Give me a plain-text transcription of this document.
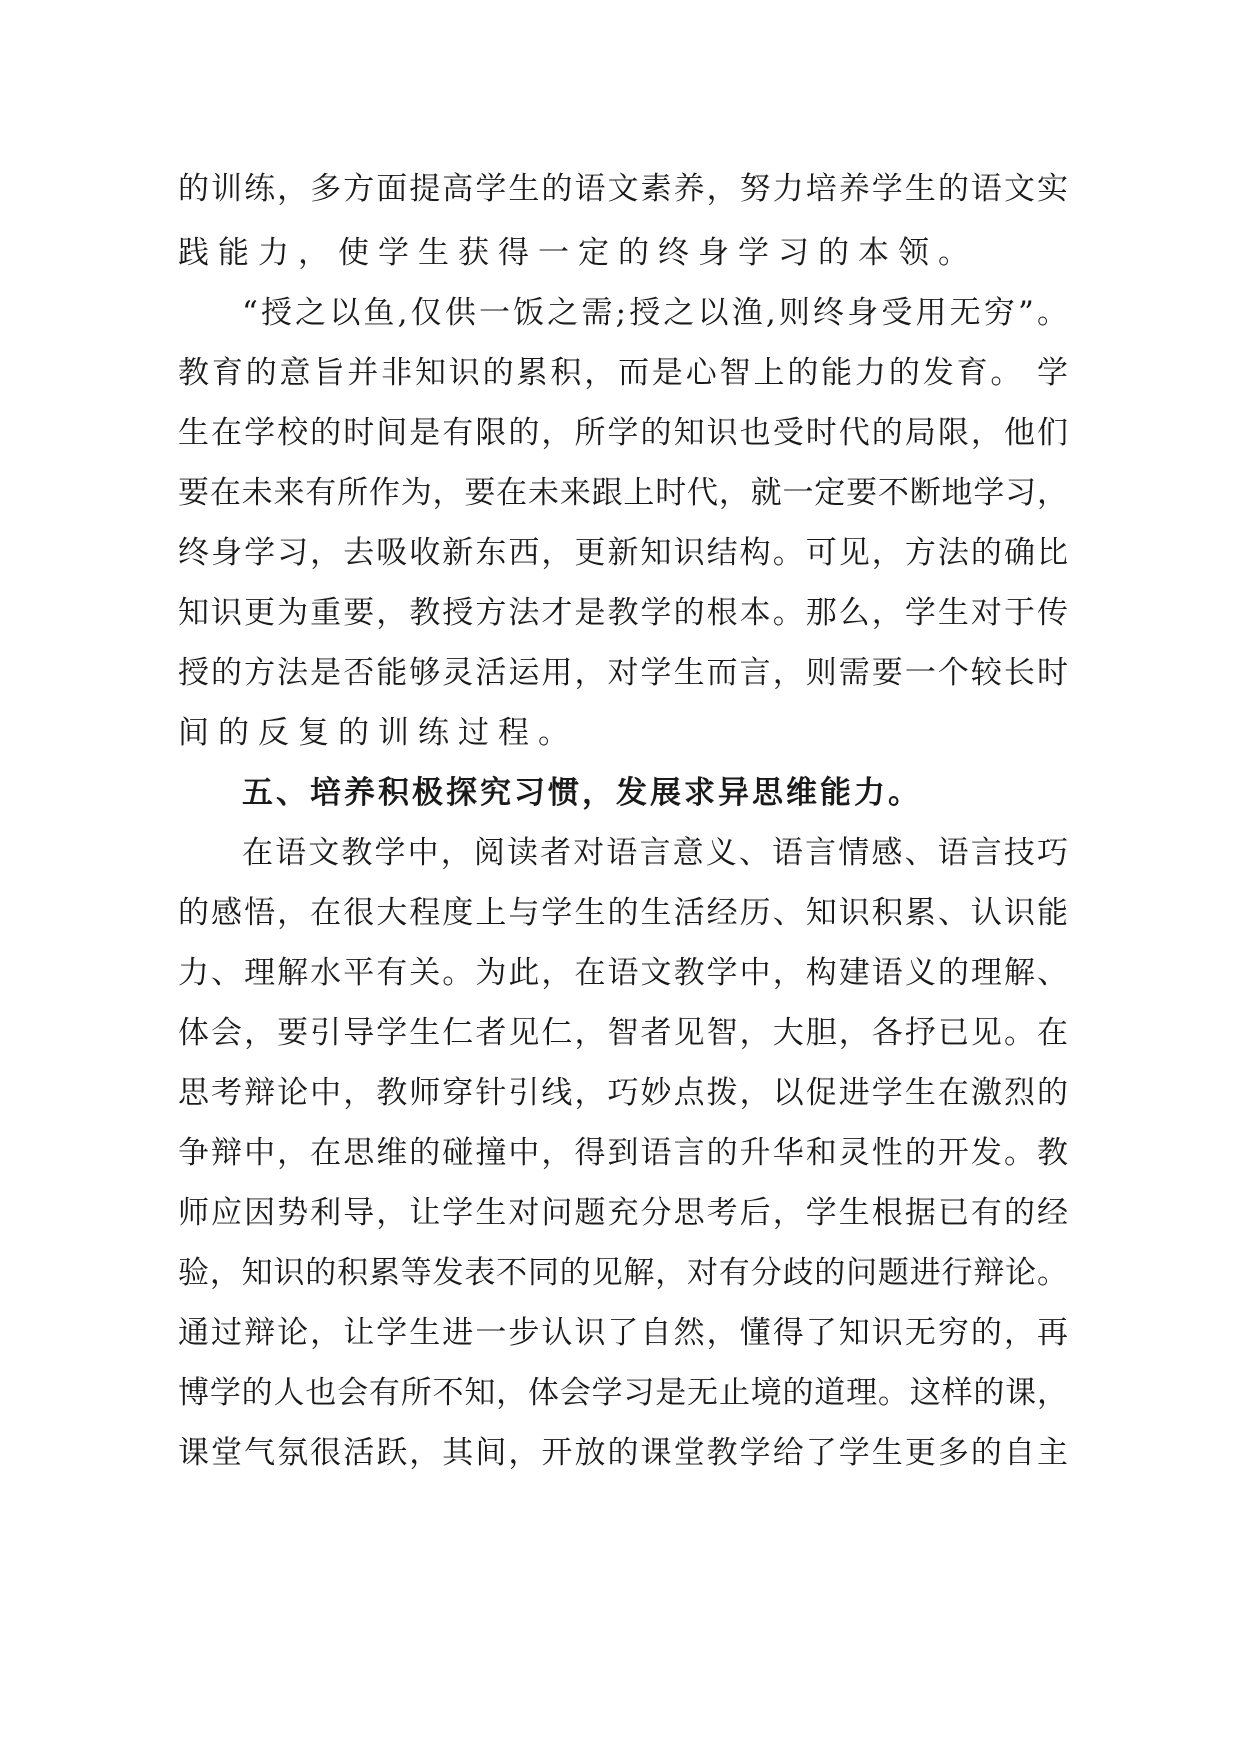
的训练，多方面提高学生的语文素养，努力培养学生的语文实
践能力，使学生获得一定的终身学习的本领。
“授之以鱼,仅供一饭之需;授之以渔,则终身受用无穷”。
教育的意旨并非知识的累积，而是心智上的能力的发育。 学
生在学校的时间是有限的，所学的知识也受时代的局限，他们
要在未来有所作为，要在未来跟上时代，就一定要不断地学习，
终身学习，去吸收新东西，更新知识结构。可见，方法的确比
知识更为重要，教授方法才是教学的根本。那么，学生对于传
授的方法是否能够灵活运用，对学生而言，则需要一个较长时
间的反复的训练过程。
五、培养积极探究习惯，发展求异思维能力。
在语文教学中，阅读者对语言意义、语言情感、语言技巧
的感悟，在很大程度上与学生的生活经历、知识积累、认识能
力、理解水平有关。为此，在语文教学中，构建语义的理解、
体会，要引导学生仁者见仁，智者见智，大胆，各抒已见。在
思考辩论中，教师穿针引线，巧妙点拨，以促进学生在激烈的
争辩中，在思维的碰撞中，得到语言的升华和灵性的开发。教
师应因势利导，让学生对问题充分思考后，学生根据已有的经
验，知识的积累等发表不同的见解，对有分歧的问题进行辩论。
通过辩论，让学生进一步认识了自然，懂得了知识无穷的，再
博学的人也会有所不知，体会学习是无止境的道理。这样的课，
课堂气氛很活跃，其间，开放的课堂教学给了学生更多的自主
